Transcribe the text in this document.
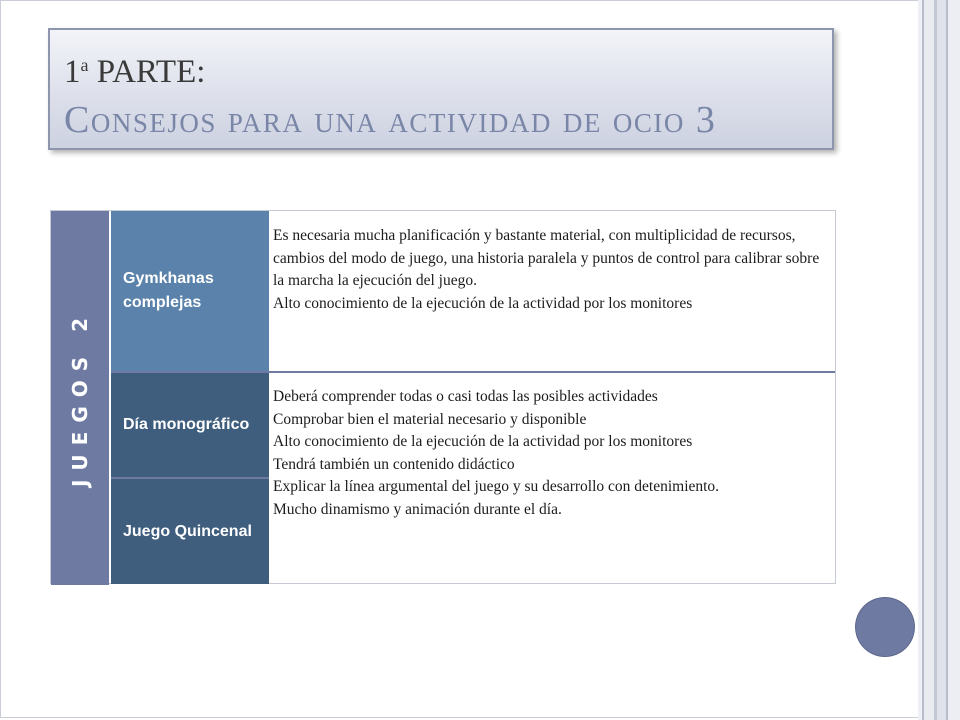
1$^a$ PARTE:
Consejos para una actividad de ocio 3
JUEGOS 2
Gymkhanas complejas
Día monográfico
Juego Quincenal

Es necesaria mucha planificación y bastante material, con multiplicidad de recursos, cambios del modo de juego, una historia paralela y puntos de control para calibrar sobre la marcha la ejecución del juego.

Alto conocimiento de la ejecución de la actividad por los monitores

Deberá comprender todas o casi todas las posibles actividades

Comprobar bien el material necesario y disponible

Alto conocimiento de la ejecución de la actividad por los monitores

Tendrá también un contenido didáctico

Explicar la línea argumental del juego y su desarrollo con detenimiento.

Mucho dinamismo y animación durante el día.
